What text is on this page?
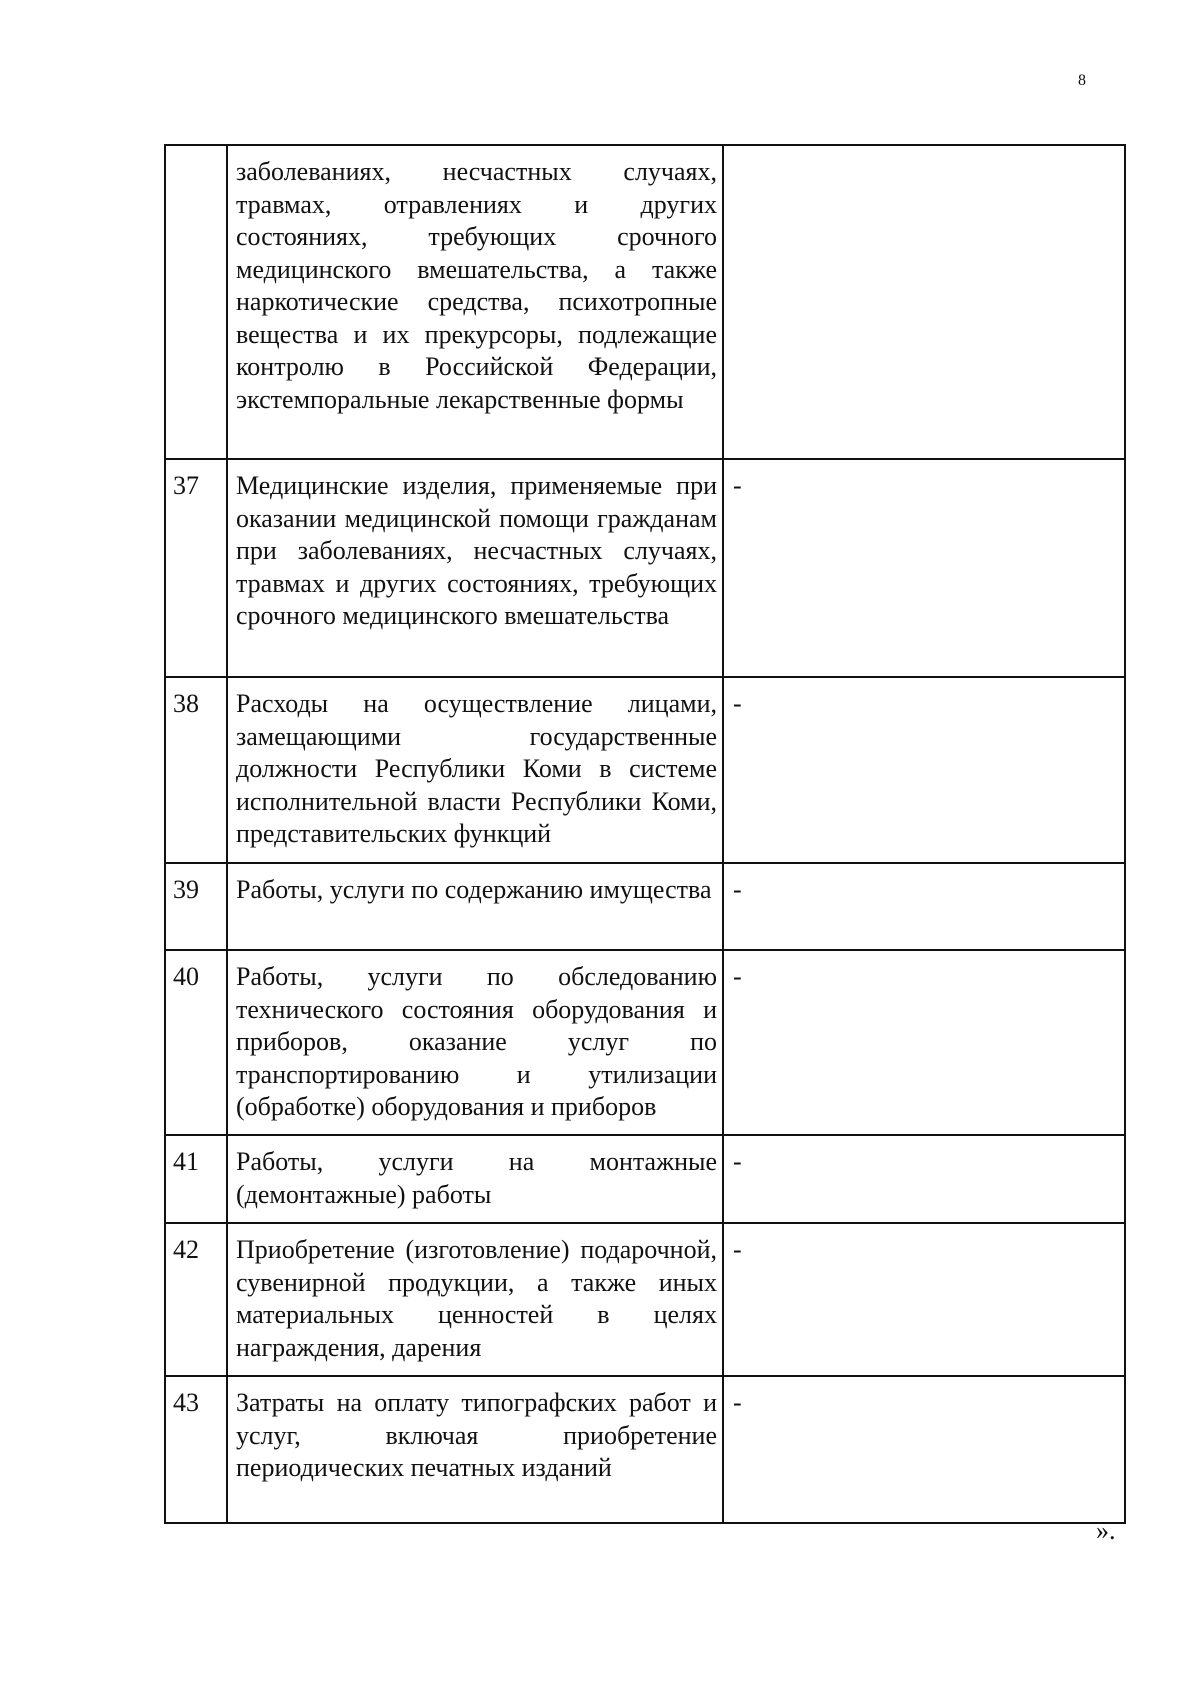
8
	заболеваниях, несчастных случаях, травмах, отравлениях и других состояниях, требующих срочного медицинского вмешательства, а также наркотические средства, психотропные вещества и их прекурсоры, подлежащие контролю в Российской Федерации, экстемпоральные лекарственные формы	
37	Медицинские изделия, применяемые при оказании медицинской помощи гражданам при заболеваниях, несчастных случаях, травмах и других состояниях, требующих срочного медицинского вмешательства	-
38	Расходы на осуществление лицами, замещающими государственные должности Республики Коми в системе исполнительной власти Республики Коми, представительских функций	-
39	Работы, услуги по содержанию имущества	-
40	Работы, услуги по обследованию технического состояния оборудования и приборов, оказание услуг по транспортированию и утилизации (обработке) оборудования и приборов	-
41	Работы, услуги на монтажные (демонтажные) работы	-
42	Приобретение (изготовление) подарочной, сувенирной продукции, а также иных материальных ценностей в целях награждения, дарения	-
43	Затраты на оплату типографских работ и услуг, включая приобретение периодических печатных изданий	-
».
